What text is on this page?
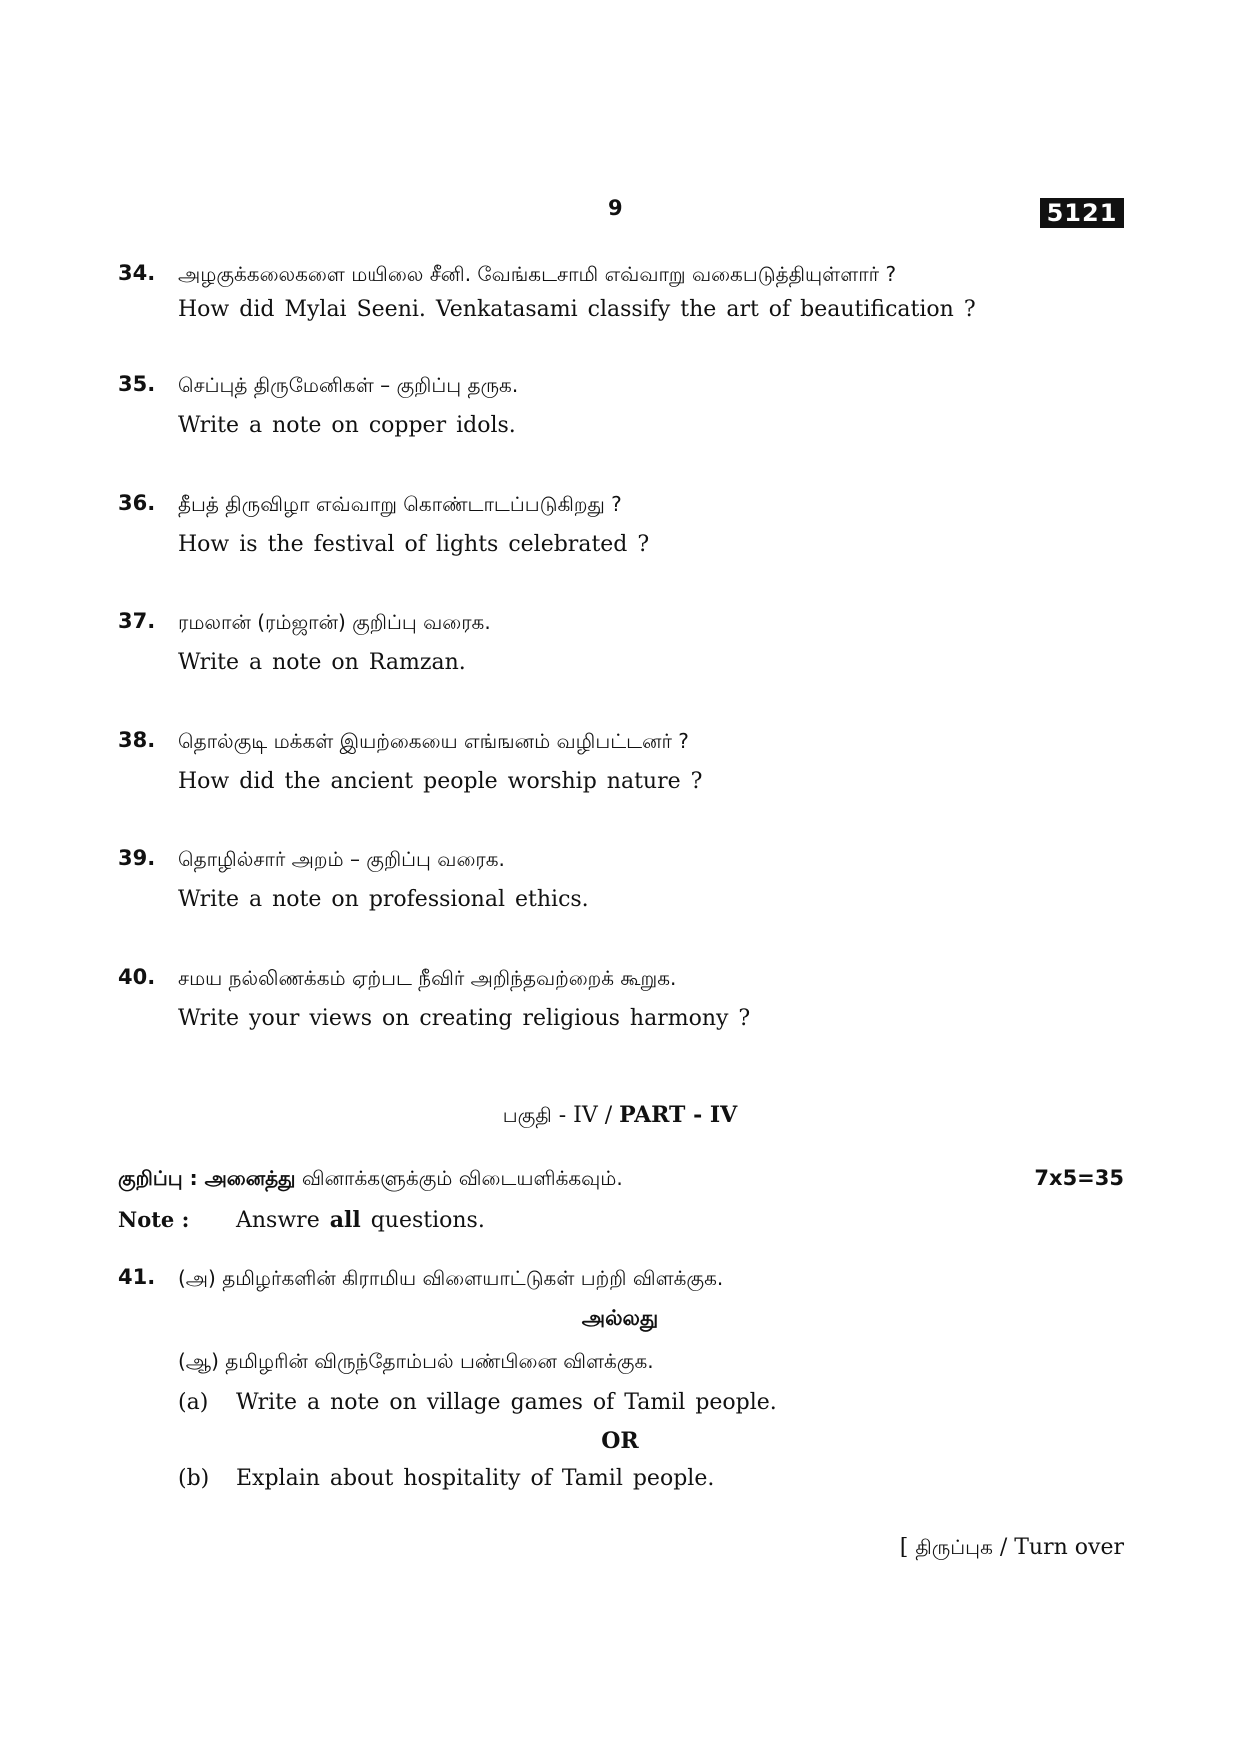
9	5121
34. அழகுக்கலைகளை மயிலை சீனி. வேங்கடசாமி எவ்வாறு வகைபடுத்தியுள்ளார் ?
How did Mylai Seeni. Venkatasami classify the art of beautification ?
35. செப்புத் திருமேனிகள் – குறிப்பு தருக.
Write a note on copper idols.
36. தீபத் திருவிழா எவ்வாறு கொண்டாடப்படுகிறது ?
How is the festival of lights celebrated ?
37. ரமலான் (ரம்ஜான்) குறிப்பு வரைக.
Write a note on Ramzan.
38. தொல்குடி மக்கள் இயற்கையை எங்ஙனம் வழிபட்டனர் ?
How did the ancient people worship nature ?
39. தொழில்சார் அறம் – குறிப்பு வரைக.
Write a note on professional ethics.
40. சமய நல்லிணக்கம் ஏற்பட நீவிர் அறிந்தவற்றைக் கூறுக.
Write your views on creating religious harmony ?
பகுதி - IV / PART - IV
குறிப்பு : அனைத்து வினாக்களுக்கும் விடையளிக்கவும்.	7x5=35
Note : Answre all questions.
41. (அ) தமிழர்களின் கிராமிய விளையாட்டுகள் பற்றி விளக்குக.
அல்லது
(ஆ) தமிழரின் விருந்தோம்பல் பண்பினை விளக்குக.
(a) Write a note on village games of Tamil people.
OR
(b) Explain about hospitality of Tamil people.
[ திருப்புக / Turn over
